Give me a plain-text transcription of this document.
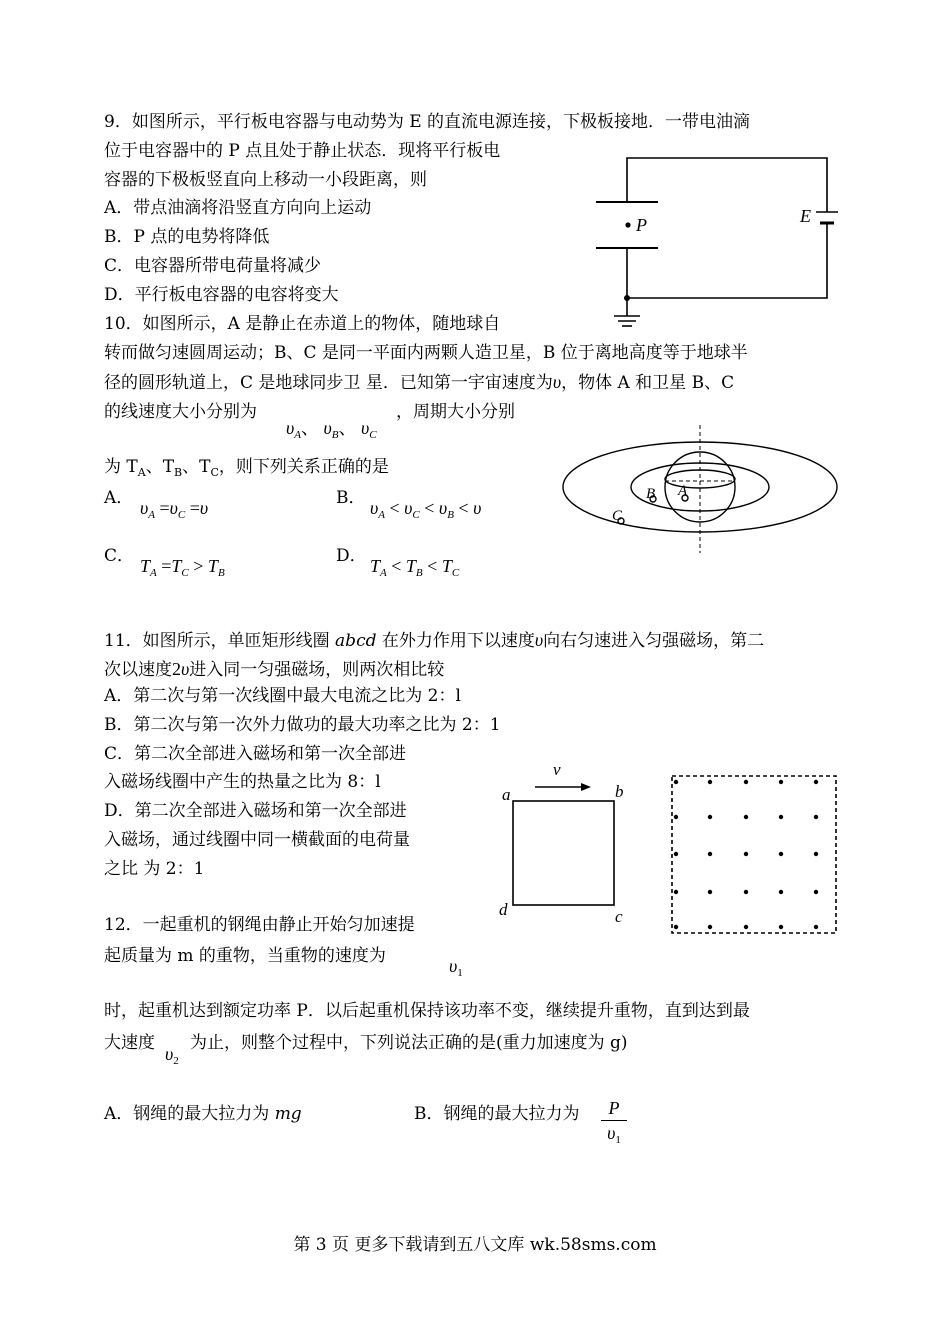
9．如图所示，平行板电容器与电动势为 E 的直流电源连接，下极板接地．一带电油滴
位于电容器中的 P 点且处于静止状态．现将平行板电
容器的下极板竖直向上移动一小段距离，则
A．带点油滴将沿竖直方向向上运动
B．P 点的电势将降低
C．电容器所带电荷量将减少
D．平行板电容器的电容将变大
P	E
10．如图所示，A 是静止在赤道上的物体，随地球自
转而做匀速圆周运动；B、C 是同一平面内两颗人造卫星，B 位于离地高度等于地球半
径的圆形轨道上，C 是地球同步卫 星．已知第一宇宙速度为υ，物体 A 和卫星 B、C
的线速度大小分别为
$\upsilon_A$、 $\upsilon_B$、 $\upsilon_C$
，周期大小分别
为 $T_A$、$T_B$、$T_C$，则下列关系正确的是
A． $\upsilon_A =\upsilon_C =\upsilon$	B． $\upsilon_A < \upsilon_C < \upsilon_B < \upsilon$
C． $T_A =T_C > T_B$
D． $T_A < T_B < T_C$
A
B
C
11．如图所示，单匝矩形线圈 abcd 在外力作用下以速度υ向右匀速进入匀强磁场，第二
次以速度2υ进入同一匀强磁场，则两次相比较
A．第二次与第一次线圈中最大电流之比为 2：l
B．第二次与第一次外力做功的最大功率之比为 2：1
C．第二次全部进入磁场和第一次全部进
入磁场线圈中产生的热量之比为 8：l
D．第二次全部进入磁场和第一次全部进
入磁场，通过线圈中同一横截面的电荷量
之比 为 2：1
v
a	b
c
d
12．一起重机的钢绳由静止开始匀加速提
起质量为 m 的重物，当重物的速度为	$\upsilon_1$
时，起重机达到额定功率 P．以后起重机保持该功率不变，继续提升重物，直到达到最
大速度
$\upsilon_2$
为止，则整个过程中，下列说法正确的是(重力加速度为 g)
A．钢绳的最大拉力为 mg	B．钢绳的最大拉力为	P
$\upsilon_1$
第 3 页 更多下载请到五八文库 wk.58sms.com
